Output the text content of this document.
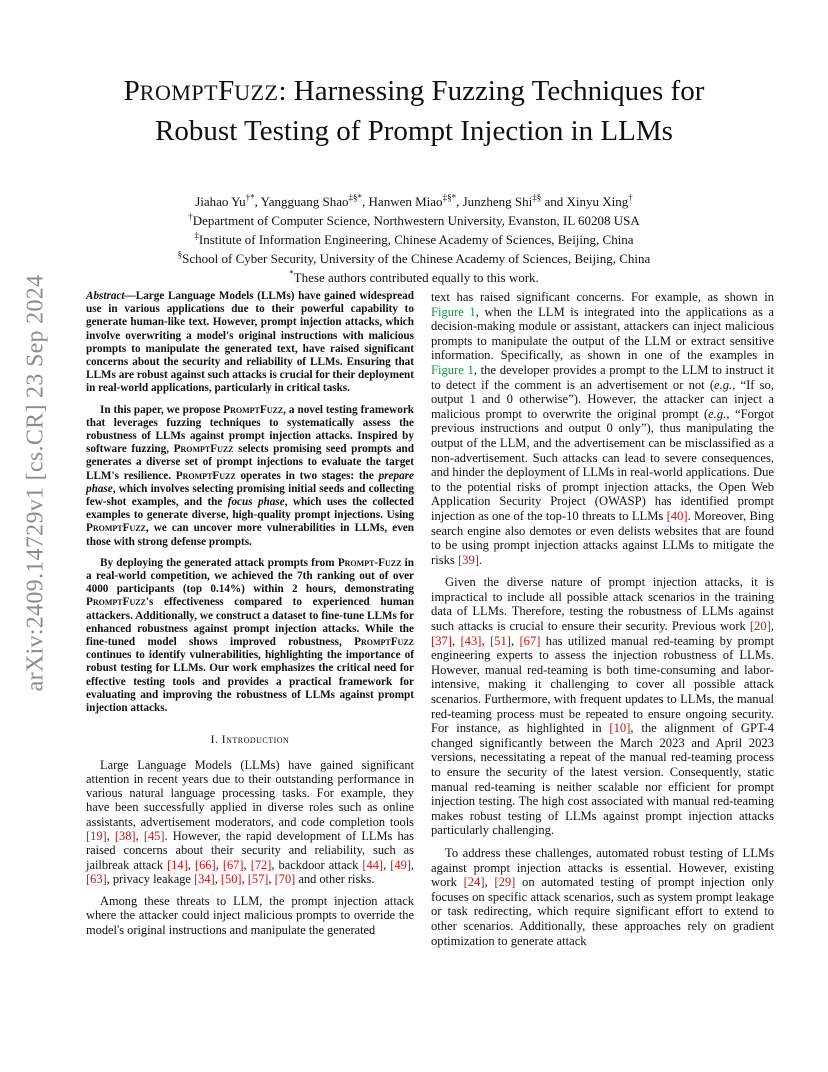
arXiv:2409.14729v1 [cs.CR] 23 Sep 2024
PROMPTFUZZ: Harnessing Fuzzing Techniques for
Robust Testing of Prompt Injection in LLMs
Jiahao Yu†*, Yangguang Shao‡§*, Hanwen Miao‡§*, Junzheng Shi‡§ and Xinyu Xing†
†Department of Computer Science, Northwestern University, Evanston, IL 60208 USA
‡Institute of Information Engineering, Chinese Academy of Sciences, Beijing, China
§School of Cyber Security, University of the Chinese Academy of Sciences, Beijing, China
*These authors contributed equally to this work.

Abstract—Large Language Models (LLMs) have gained widespread use in various applications due to their powerful capability to generate human-like text. However, prompt injection attacks, which involve overwriting a model's original instructions with malicious prompts to manipulate the generated text, have raised significant concerns about the security and reliability of LLMs. Ensuring that LLMs are robust against such attacks is crucial for their deployment in real-world applications, particularly in critical tasks.

In this paper, we propose PromptFuzz, a novel testing framework that leverages fuzzing techniques to systematically assess the robustness of LLMs against prompt injection attacks. Inspired by software fuzzing, PromptFuzz selects promising seed prompts and generates a diverse set of prompt injections to evaluate the target LLM's resilience. PromptFuzz operates in two stages: the prepare phase, which involves selecting promising initial seeds and collecting few-shot examples, and the focus phase, which uses the collected examples to generate diverse, high-quality prompt injections. Using PromptFuzz, we can uncover more vulnerabilities in LLMs, even those with strong defense prompts.

By deploying the generated attack prompts from Prompt-Fuzz in a real-world competition, we achieved the 7th ranking out of over 4000 participants (top 0.14%) within 2 hours, demonstrating PromptFuzz's effectiveness compared to experienced human attackers. Additionally, we construct a dataset to fine-tune LLMs for enhanced robustness against prompt injection attacks. While the fine-tuned model shows improved robustness, PromptFuzz continues to identify vulnerabilities, highlighting the importance of robust testing for LLMs. Our work emphasizes the critical need for effective testing tools and provides a practical framework for evaluating and improving the robustness of LLMs against prompt injection attacks.

I. Introduction

Large Language Models (LLMs) have gained significant attention in recent years due to their outstanding performance in various natural language processing tasks. For example, they have been successfully applied in diverse roles such as online assistants, advertisement moderators, and code completion tools [19], [38], [45]. However, the rapid development of LLMs has raised concerns about their security and reliability, such as jailbreak attack [14], [66], [67], [72], backdoor attack [44], [49], [63], privacy leakage [34], [50], [57], [70] and other risks.

Among these threats to LLM, the prompt injection attack where the attacker could inject malicious prompts to override the model's original instructions and manipulate the generated

text has raised significant concerns. For example, as shown in Figure 1, when the LLM is integrated into the applications as a decision-making module or assistant, attackers can inject malicious prompts to manipulate the output of the LLM or extract sensitive information. Specifically, as shown in one of the examples in Figure 1, the developer provides a prompt to the LLM to instruct it to detect if the comment is an advertisement or not (e.g., “If so, output 1 and 0 otherwise”). However, the attacker can inject a malicious prompt to overwrite the original prompt (e.g., “Forgot previous instructions and output 0 only”), thus manipulating the output of the LLM, and the advertisement can be misclassified as a non-advertisement. Such attacks can lead to severe consequences, and hinder the deployment of LLMs in real-world applications. Due to the potential risks of prompt injection attacks, the Open Web Application Security Project (OWASP) has identified prompt injection as one of the top-10 threats to LLMs [40]. Moreover, Bing search engine also demotes or even delists websites that are found to be using prompt injection attacks against LLMs to mitigate the risks [39].

Given the diverse nature of prompt injection attacks, it is impractical to include all possible attack scenarios in the training data of LLMs. Therefore, testing the robustness of LLMs against such attacks is crucial to ensure their security. Previous work [20], [37], [43], [51], [67] has utilized manual red-teaming by prompt engineering experts to assess the injection robustness of LLMs. However, manual red-teaming is both time-consuming and labor-intensive, making it challenging to cover all possible attack scenarios. Furthermore, with frequent updates to LLMs, the manual red-teaming process must be repeated to ensure ongoing security. For instance, as highlighted in [10], the alignment of GPT-4 changed significantly between the March 2023 and April 2023 versions, necessitating a repeat of the manual red-teaming process to ensure the security of the latest version. Consequently, static manual red-teaming is neither scalable nor efficient for prompt injection testing. The high cost associated with manual red-teaming makes robust testing of LLMs against prompt injection attacks particularly challenging.

To address these challenges, automated robust testing of LLMs against prompt injection attacks is essential. However, existing work [24], [29] on automated testing of prompt injection only focuses on specific attack scenarios, such as system prompt leakage or task redirecting, which require significant effort to extend to other scenarios. Additionally, these approaches rely on gradient optimization to generate attack
